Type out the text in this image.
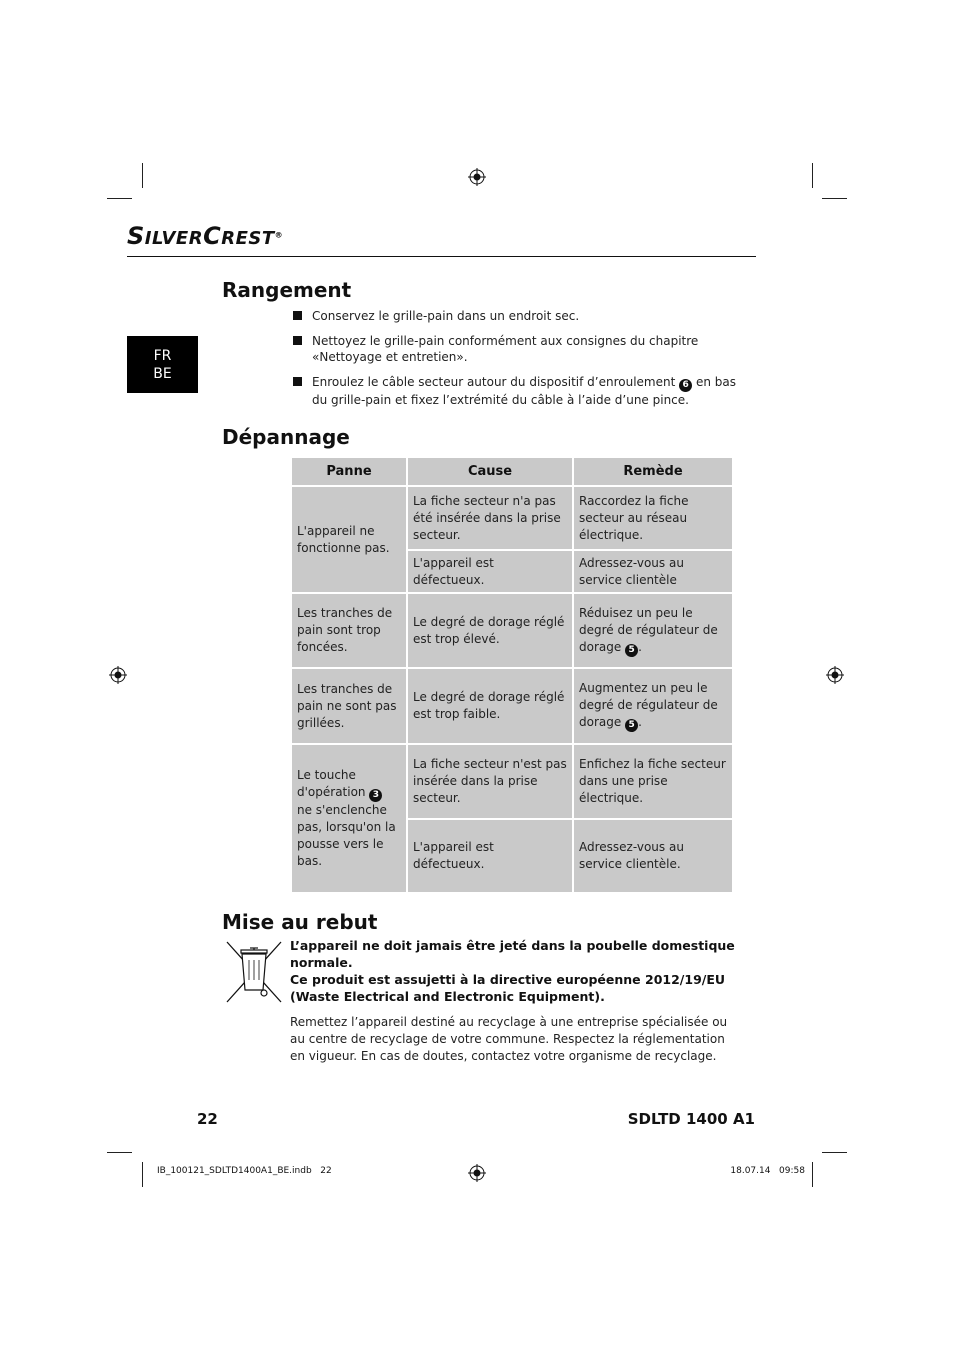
SILVERCREST®
FR
BE
Rangement
Conservez le grille-pain dans un endroit sec.
Nettoyez le grille-pain conformément aux consignes du chapitre «Nettoyage et entretien».
Enroulez le câble secteur autour du dispositif d’enroulement 6 en bas du grille-pain et fixez l’extrémité du câble à l’aide d’une pince.
Dépannage
Panne	Cause	Remède
L'appareil ne fonctionne pas.	La fiche secteur n'a pas été insérée dans la prise secteur.	Raccordez la fiche secteur au réseau électrique.
	L'appareil est défectueux.	Adressez-vous au service clientèle
Les tranches de pain sont trop foncées.	Le degré de dorage réglé est trop élevé.	Réduisez un peu le degré de régulateur de dorage 5 .
Les tranches de pain ne sont pas grillées.	Le degré de dorage réglé est trop faible.	Augmentez un peu le degré de régulateur de dorage 5 .
Le touche d'opération 3 ne s'enclenche pas, lorsqu'on la pousse vers le bas.	La fiche secteur n'est pas insérée dans la prise secteur.	Enfichez la fiche secteur dans une prise électrique.
	L'appareil est défectueux.	Adressez-vous au service clientèle.
Mise au rebut

L’appareil ne doit jamais être jeté dans la poubelle domestique normale.
Ce produit est assujetti à la directive européenne 2012/19/EU (Waste Electrical and Electronic Equipment).

Remettez l’appareil destiné au recyclage à une entreprise spécialisée ou au centre de recyclage de votre commune. Respectez la réglementation en vigueur. En cas de doutes, contactez votre organisme de recyclage.

22	SDLTD 1400 A1
IB_100121_SDLTD1400A1_BE.indb   22	18.07.14   09:58
